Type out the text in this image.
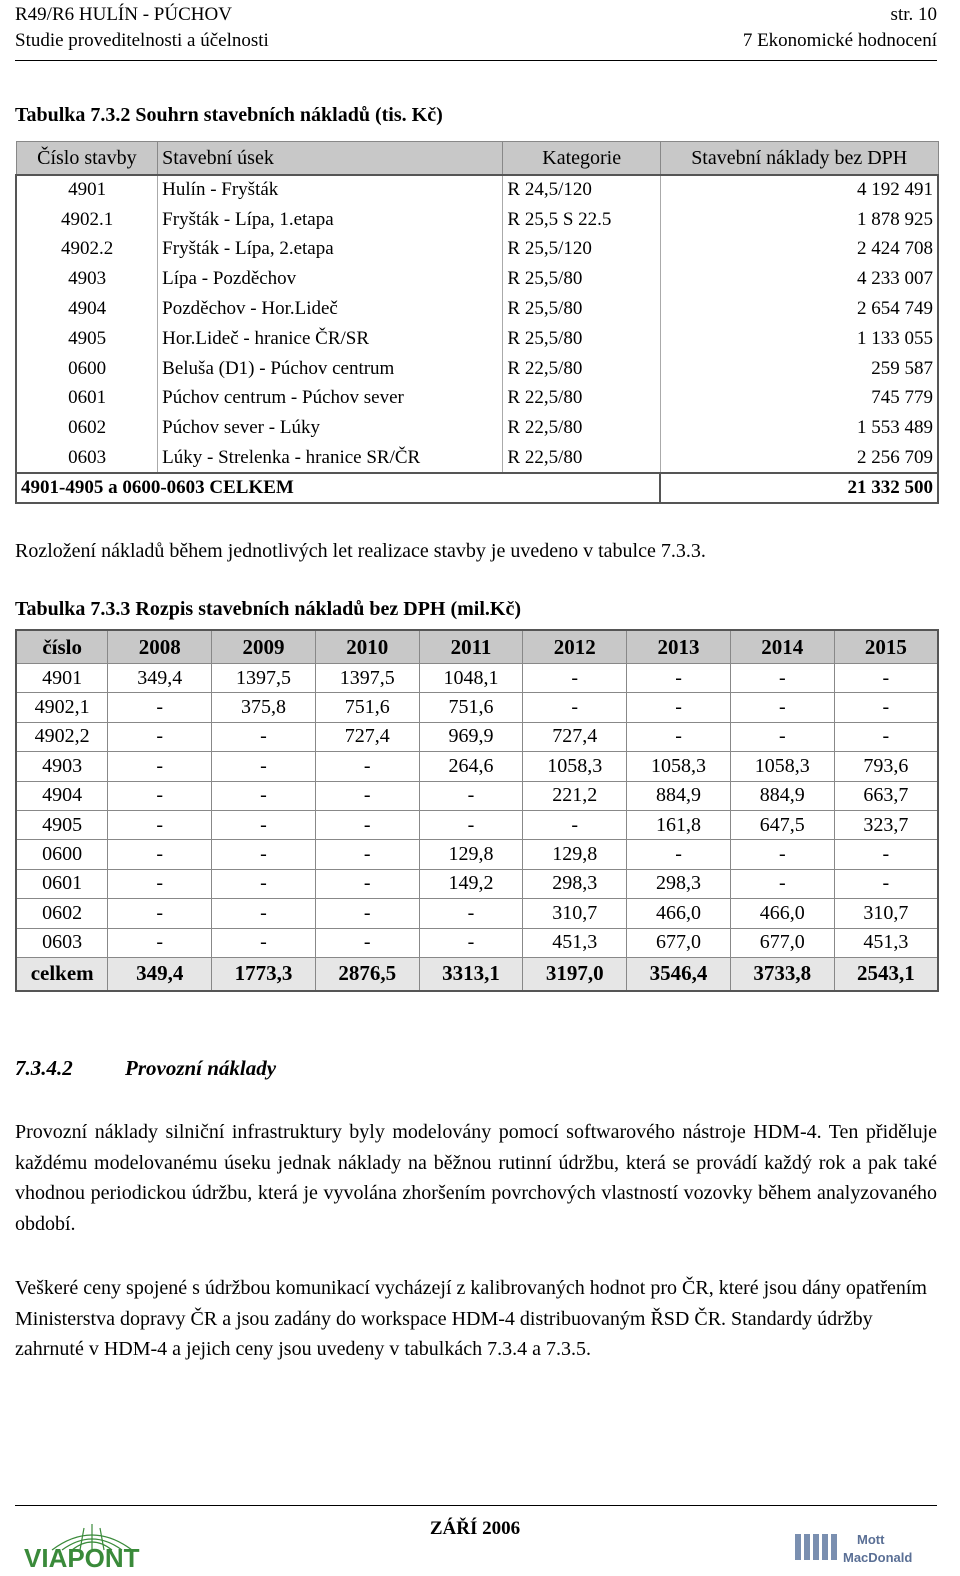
R49/R6 HULÍN - PÚCHOV	str. 10
Studie proveditelnosti a účelnosti	7 Ekonomické hodnocení
Tabulka 7.3.2 Souhrn stavebních nákladů (tis. Kč)
Číslo stavby	Stavební úsek	Kategorie	Stavební náklady bez DPH
4901	Hulín - Fryšták	R 24,5/120	4 192 491
4902.1	Fryšták - Lípa, 1.etapa	R 25,5 S 22.5	1 878 925
4902.2	Fryšták - Lípa, 2.etapa	R 25,5/120	2 424 708
4903	Lípa - Pozděchov	R 25,5/80	4 233 007
4904	Pozděchov - Hor.Lideč	R 25,5/80	2 654 749
4905	Hor.Lideč - hranice ČR/SR	R 25,5/80	1 133 055
0600	Beluša (D1) - Púchov centrum	R 22,5/80	259 587
0601	Púchov centrum - Púchov sever	R 22,5/80	745 779
0602	Púchov sever - Lúky	R 22,5/80	1 553 489
0603	Lúky - Strelenka - hranice SR/ČR	R 22,5/80	2 256 709
4901-4905 a 0600-0603 CELKEM			21 332 500
Rozložení nákladů během jednotlivých let realizace stavby je uvedeno v tabulce 7.3.3.
Tabulka 7.3.3 Rozpis stavebních nákladů bez DPH (mil.Kč)
číslo	2008	2009	2010	2011	2012	2013	2014	2015
4901	349,4	1397,5	1397,5	1048,1	-	-	-	-
4902,1	-	375,8	751,6	751,6	-	-	-	-
4902,2	-	-	727,4	969,9	727,4	-	-	-
4903	-	-	-	264,6	1058,3	1058,3	1058,3	793,6
4904	-	-	-	-	221,2	884,9	884,9	663,7
4905	-	-	-	-	-	161,8	647,5	323,7
0600	-	-	-	129,8	129,8	-	-	-
0601	-	-	-	149,2	298,3	298,3	-	-
0602	-	-	-	-	310,7	466,0	466,0	310,7
0603	-	-	-	-	451,3	677,0	677,0	451,3
celkem	349,4	1773,3	2876,5	3313,1	3197,0	3546,4	3733,8	2543,1
7.3.4.2 Provozní náklady
Provozní náklady silniční infrastruktury byly modelovány pomocí softwarového nástroje HDM-4. Ten přiděluje každému modelovanému úseku jednak náklady na běžnou rutinní údržbu, která se provádí každý rok a pak také vhodnou periodickou údržbu, která je vyvolána zhoršením povrchových vlastností vozovky během analyzovaného období.
Veškeré ceny spojené s údržbou komunikací vycházejí z kalibrovaných hodnot pro ČR, které jsou dány opatřením Ministerstva dopravy ČR a jsou zadány do workspace HDM-4 distribuovaným ŘSD ČR. Standardy údržby zahrnuté v HDM-4 a jejich ceny jsou uvedeny v tabulkách 7.3.4 a 7.3.5.
VIAPONT
ZÁŘÍ 2006
Mott
MacDonald
